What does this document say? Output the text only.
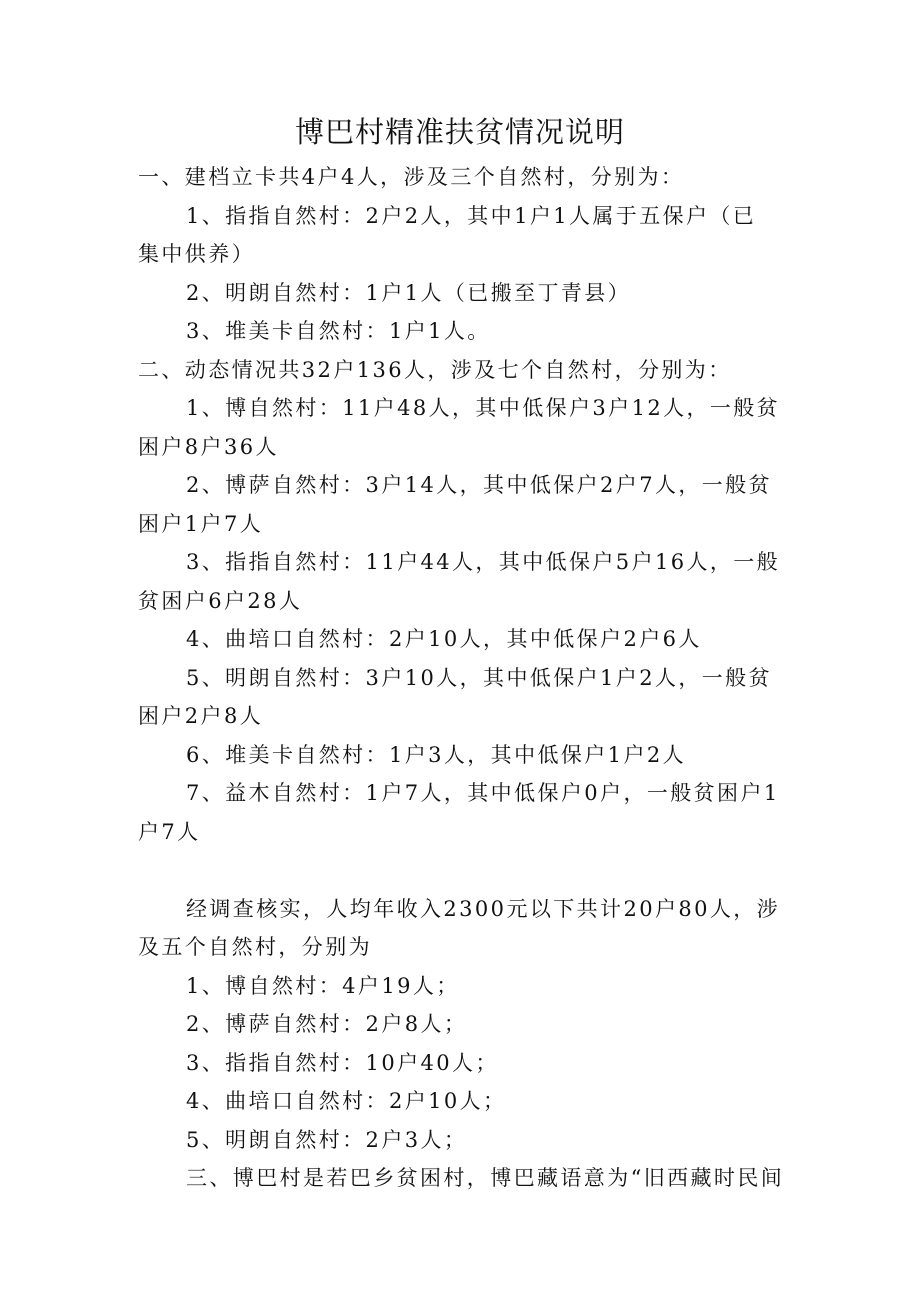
博巴村精准扶贫情况说明

一、建档立卡共4户4人，涉及三个自然村，分别为：

1、指指自然村：2户2人，其中1户1人属于五保户（已

集中供养）

2、明朗自然村：1户1人（已搬至丁青县）

3、堆美卡自然村：1户1人。

二、动态情况共32户136人，涉及七个自然村，分别为：

1、博自然村：11户48人，其中低保户3户12人，一般贫

困户8户36人

2、博萨自然村：3户14人，其中低保户2户7人，一般贫

困户1户7人

3、指指自然村：11户44人，其中低保户5户16人，一般

贫困户6户28人

4、曲培口自然村：2户10人，其中低保户2户6人

5、明朗自然村：3户10人，其中低保户1户2人，一般贫

困户2户8人

6、堆美卡自然村：1户3人，其中低保户1户2人

7、益木自然村：1户7人，其中低保户0户，一般贫困户1

户7人

经调查核实，人均年收入2300元以下共计20户80人，涉

及五个自然村，分别为

1、博自然村：4户19人；

2、博萨自然村：2户8人；

3、指指自然村：10户40人；

4、曲培口自然村：2户10人；

5、明朗自然村：2户3人；

三、博巴村是若巴乡贫困村，博巴藏语意为“旧西藏时民间
